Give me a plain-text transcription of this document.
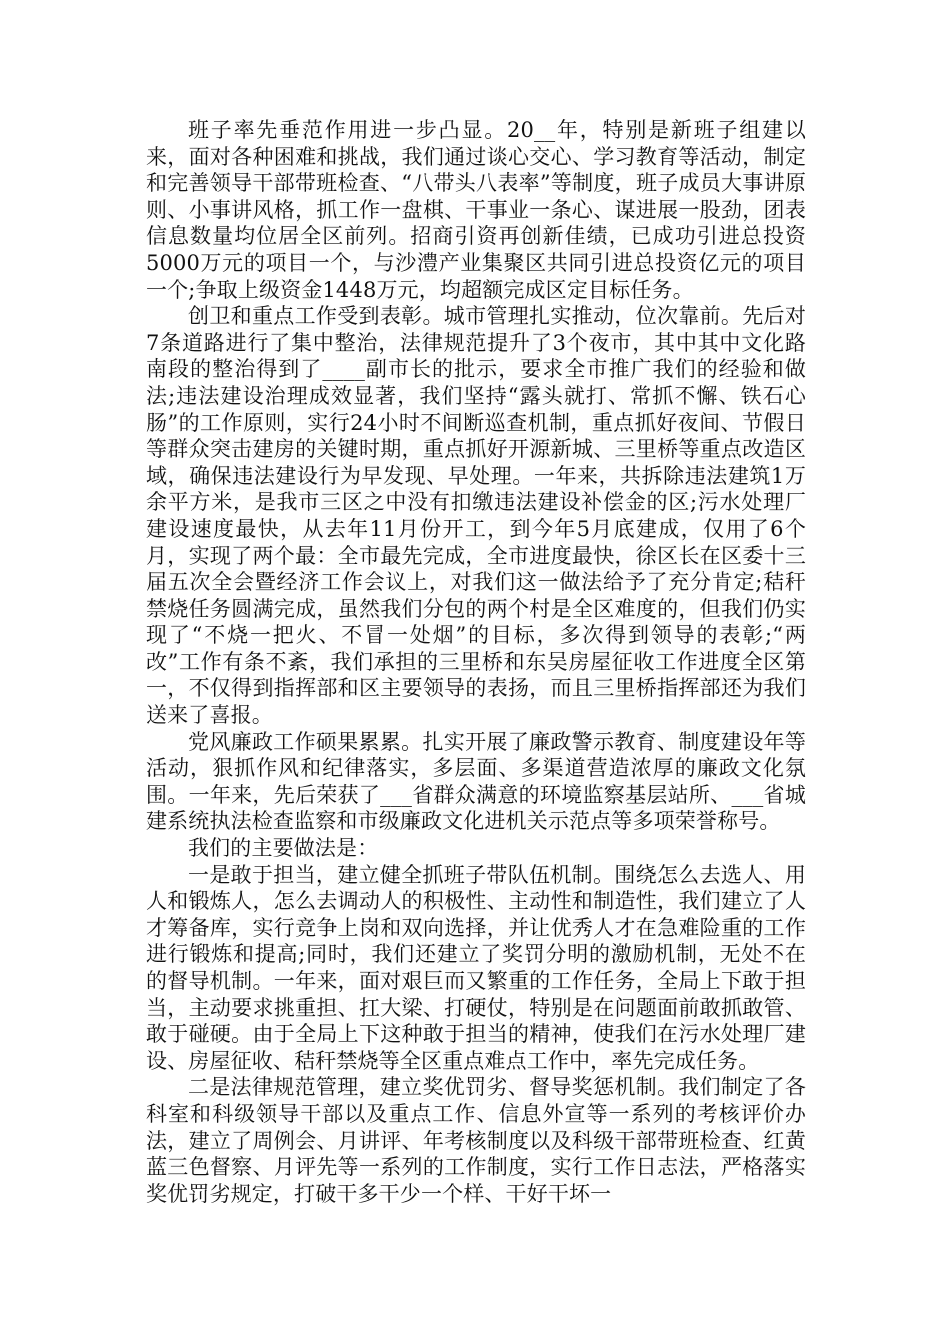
班子率先垂范作用进一步凸显。20__年，特别是新班子组建以来，面对各种困难和挑战，我们通过谈心交心、学习教育等活动，制定和完善领导干部带班检查、“八带头八表率”等制度，班子成员大事讲原则、小事讲风格，抓工作一盘棋、干事业一条心、谋进展一股劲，团表信息数量均位居全区前列。招商引资再创新佳绩，已成功引进总投资5000万元的项目一个，与沙澧产业集聚区共同引进总投资亿元的项目一个;争取上级资金1448万元，均超额完成区定目标任务。

创卫和重点工作受到表彰。城市管理扎实推动，位次靠前。先后对7条道路进行了集中整治，法律规范提升了3个夜市，其中其中文化路南段的整治得到了____副市长的批示，要求全市推广我们的经验和做法;违法建设治理成效显著，我们坚持“露头就打、常抓不懈、铁石心肠”的工作原则，实行24小时不间断巡查机制，重点抓好夜间、节假日等群众突击建房的关键时期，重点抓好开源新城、三里桥等重点改造区域，确保违法建设行为早发现、早处理。一年来，共拆除违法建筑1万余平方米，是我市三区之中没有扣缴违法建设补偿金的区;污水处理厂建设速度最快，从去年11月份开工，到今年5月底建成，仅用了6个月，实现了两个最：全市最先完成，全市进度最快，徐区长在区委十三届五次全会暨经济工作会议上，对我们这一做法给予了充分肯定;秸秆禁烧任务圆满完成，虽然我们分包的两个村是全区难度的，但我们仍实现了“不烧一把火、不冒一处烟”的目标，多次得到领导的表彰;“两改”工作有条不紊，我们承担的三里桥和东吴房屋征收工作进度全区第一，不仅得到指挥部和区主要领导的表扬，而且三里桥指挥部还为我们送来了喜报。

党风廉政工作硕果累累。扎实开展了廉政警示教育、制度建设年等活动，狠抓作风和纪律落实，多层面、多渠道营造浓厚的廉政文化氛围。一年来，先后荣获了___省群众满意的环境监察基层站所、___省城建系统执法检查监察和市级廉政文化进机关示范点等多项荣誉称号。

我们的主要做法是：

一是敢于担当，建立健全抓班子带队伍机制。围绕怎么去选人、用人和锻炼人，怎么去调动人的积极性、主动性和制造性，我们建立了人才筹备库，实行竞争上岗和双向选择，并让优秀人才在急难险重的工作进行锻炼和提高;同时，我们还建立了奖罚分明的激励机制，无处不在的督导机制。一年来，面对艰巨而又繁重的工作任务，全局上下敢于担当，主动要求挑重担、扛大梁、打硬仗，特别是在问题面前敢抓敢管、敢于碰硬。由于全局上下这种敢于担当的精神，使我们在污水处理厂建设、房屋征收、秸秆禁烧等全区重点难点工作中，率先完成任务。

二是法律规范管理，建立奖优罚劣、督导奖惩机制。我们制定了各科室和科级领导干部以及重点工作、信息外宣等一系列的考核评价办法，建立了周例会、月讲评、年考核制度以及科级干部带班检查、红黄蓝三色督察、月评先等一系列的工作制度，实行工作日志法，严格落实奖优罚劣规定，打破干多干少一个样、干好干坏一
